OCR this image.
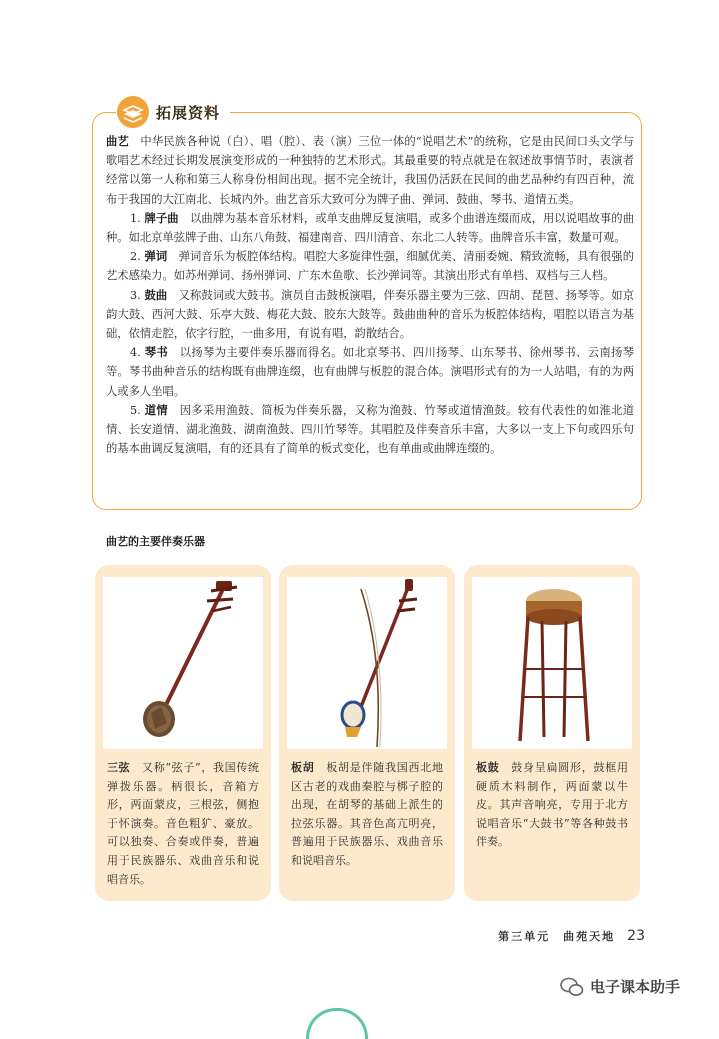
拓展资料

曲艺　中华民族各种说（白）、唱（腔）、表（演）三位一体的“说唱艺术”的统称，它是由民间口头文学与歌唱艺术经过长期发展演变形成的一种独特的艺术形式。其最重要的特点就是在叙述故事情节时，表演者经常以第一人称和第三人称身份相间出现。据不完全统计，我国仍活跃在民间的曲艺品种约有四百种，流布于我国的大江南北、长城内外。曲艺音乐大致可分为牌子曲、弹词、鼓曲、琴书、道情五类。

1. 牌子曲　以曲牌为基本音乐材料，或单支曲牌反复演唱，或多个曲谱连缀而成，用以说唱故事的曲种。如北京单弦牌子曲、山东八角鼓、福建南音、四川清音、东北二人转等。曲牌音乐丰富，数量可观。

2. 弹词　弹词音乐为板腔体结构。唱腔大多旋律性强，细腻优美、清丽委婉、精致流畅，具有很强的艺术感染力。如苏州弹词、扬州弹词、广东木鱼歌、长沙弹词等。其演出形式有单档、双档与三人档。

3. 鼓曲　又称鼓词或大鼓书。演员自击鼓板演唱，伴奏乐器主要为三弦、四胡、琵琶、扬琴等。如京韵大鼓、西河大鼓、乐亭大鼓、梅花大鼓、胶东大鼓等。鼓曲曲种的音乐为板腔体结构，唱腔以语言为基础，依情走腔，依字行腔，一曲多用，有说有唱，韵散结合。

4. 琴书　以扬琴为主要伴奏乐器而得名。如北京琴书、四川扬琴、山东琴书、徐州琴书、云南扬琴等。琴书曲种音乐的结构既有曲牌连缀，也有曲牌与板腔的混合体。演唱形式有的为一人站唱，有的为两人或多人坐唱。

5. 道情　因多采用渔鼓、简板为伴奏乐器，又称为渔鼓、竹琴或道情渔鼓。较有代表性的如淮北道情、长安道情、湖北渔鼓、湖南渔鼓、四川竹琴等。其唱腔及伴奏音乐丰富，大多以一支上下句或四乐句的基本曲调反复演唱，有的还具有了简单的板式变化，也有单曲或曲牌连缀的。

曲艺的主要伴奏乐器
三弦　又称“弦子”，我国传统弹拨乐器。柄很长，音箱方形，两面蒙皮，三根弦，侧抱于怀演奏。音色粗犷、豪放。可以独奏、合奏或伴奏，普遍用于民族器乐、戏曲音乐和说唱音乐。
板胡　板胡是伴随我国西北地区古老的戏曲秦腔与梆子腔的出现，在胡琴的基础上派生的拉弦乐器。其音色高亢明亮，普遍用于民族器乐、戏曲音乐和说唱音乐。
板鼓　鼓身呈扁圆形，鼓框用硬质木料制作，两面蒙以牛皮。其声音响亮，专用于北方说唱音乐“大鼓书”等各种鼓书伴奏。
第三单元　曲苑天地 23
电子课本助手
